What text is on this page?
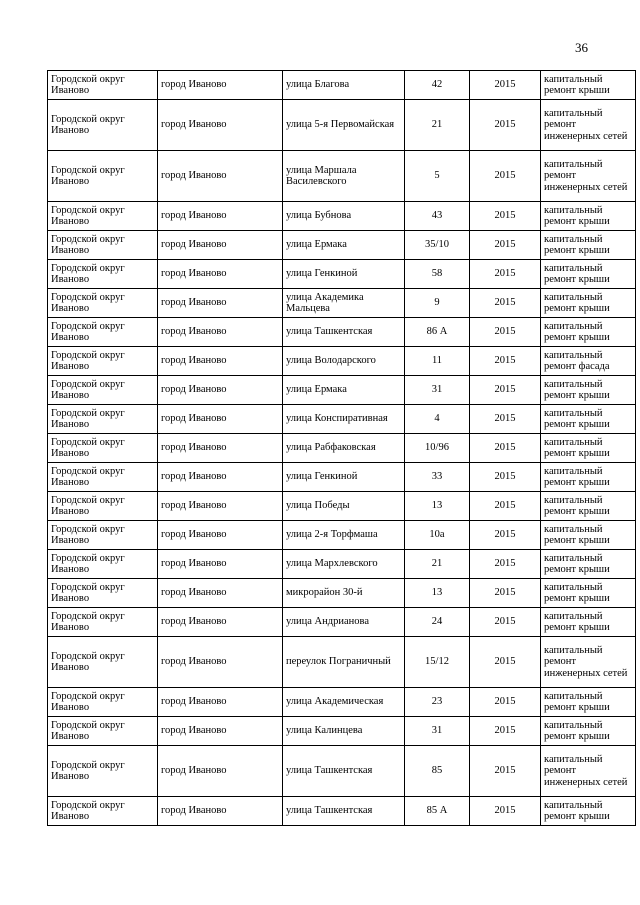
36
Городской округ Иваново	город Иваново	улица Благова	42	2015	капитальный ремонт крыши
Городской округ Иваново	город Иваново	улица 5-я Первомайская	21	2015	капитальный ремонт инженерных сетей
Городской округ Иваново	город Иваново	улица Маршала Василевского	5	2015	капитальный ремонт инженерных сетей
Городской округ Иваново	город Иваново	улица Бубнова	43	2015	капитальный ремонт крыши
Городской округ Иваново	город Иваново	улица Ермака	35/10	2015	капитальный ремонт крыши
Городской округ Иваново	город Иваново	улица Генкиной	58	2015	капитальный ремонт крыши
Городской округ Иваново	город Иваново	улица Академика Мальцева	9	2015	капитальный ремонт крыши
Городской округ Иваново	город Иваново	улица Ташкентская	86 А	2015	капитальный ремонт крыши
Городской округ Иваново	город Иваново	улица Володарского	11	2015	капитальный ремонт фасада
Городской округ Иваново	город Иваново	улица Ермака	31	2015	капитальный ремонт крыши
Городской округ Иваново	город Иваново	улица Конспиративная	4	2015	капитальный ремонт крыши
Городской округ Иваново	город Иваново	улица Рабфаковская	10/96	2015	капитальный ремонт крыши
Городской округ Иваново	город Иваново	улица Генкиной	33	2015	капитальный ремонт крыши
Городской округ Иваново	город Иваново	улица Победы	13	2015	капитальный ремонт крыши
Городской округ Иваново	город Иваново	улица 2-я Торфмаша	10а	2015	капитальный ремонт крыши
Городской округ Иваново	город Иваново	улица Мархлевского	21	2015	капитальный ремонт крыши
Городской округ Иваново	город Иваново	микрорайон 30-й	13	2015	капитальный ремонт крыши
Городской округ Иваново	город Иваново	улица Андрианова	24	2015	капитальный ремонт крыши
Городской округ Иваново	город Иваново	переулок Пограничный	15/12	2015	капитальный ремонт инженерных сетей
Городской округ Иваново	город Иваново	улица Академическая	23	2015	капитальный ремонт крыши
Городской округ Иваново	город Иваново	улица Калинцева	31	2015	капитальный ремонт крыши
Городской округ Иваново	город Иваново	улица Ташкентская	85	2015	капитальный ремонт инженерных сетей
Городской округ Иваново	город Иваново	улица Ташкентская	85 А	2015	капитальный ремонт крыши
